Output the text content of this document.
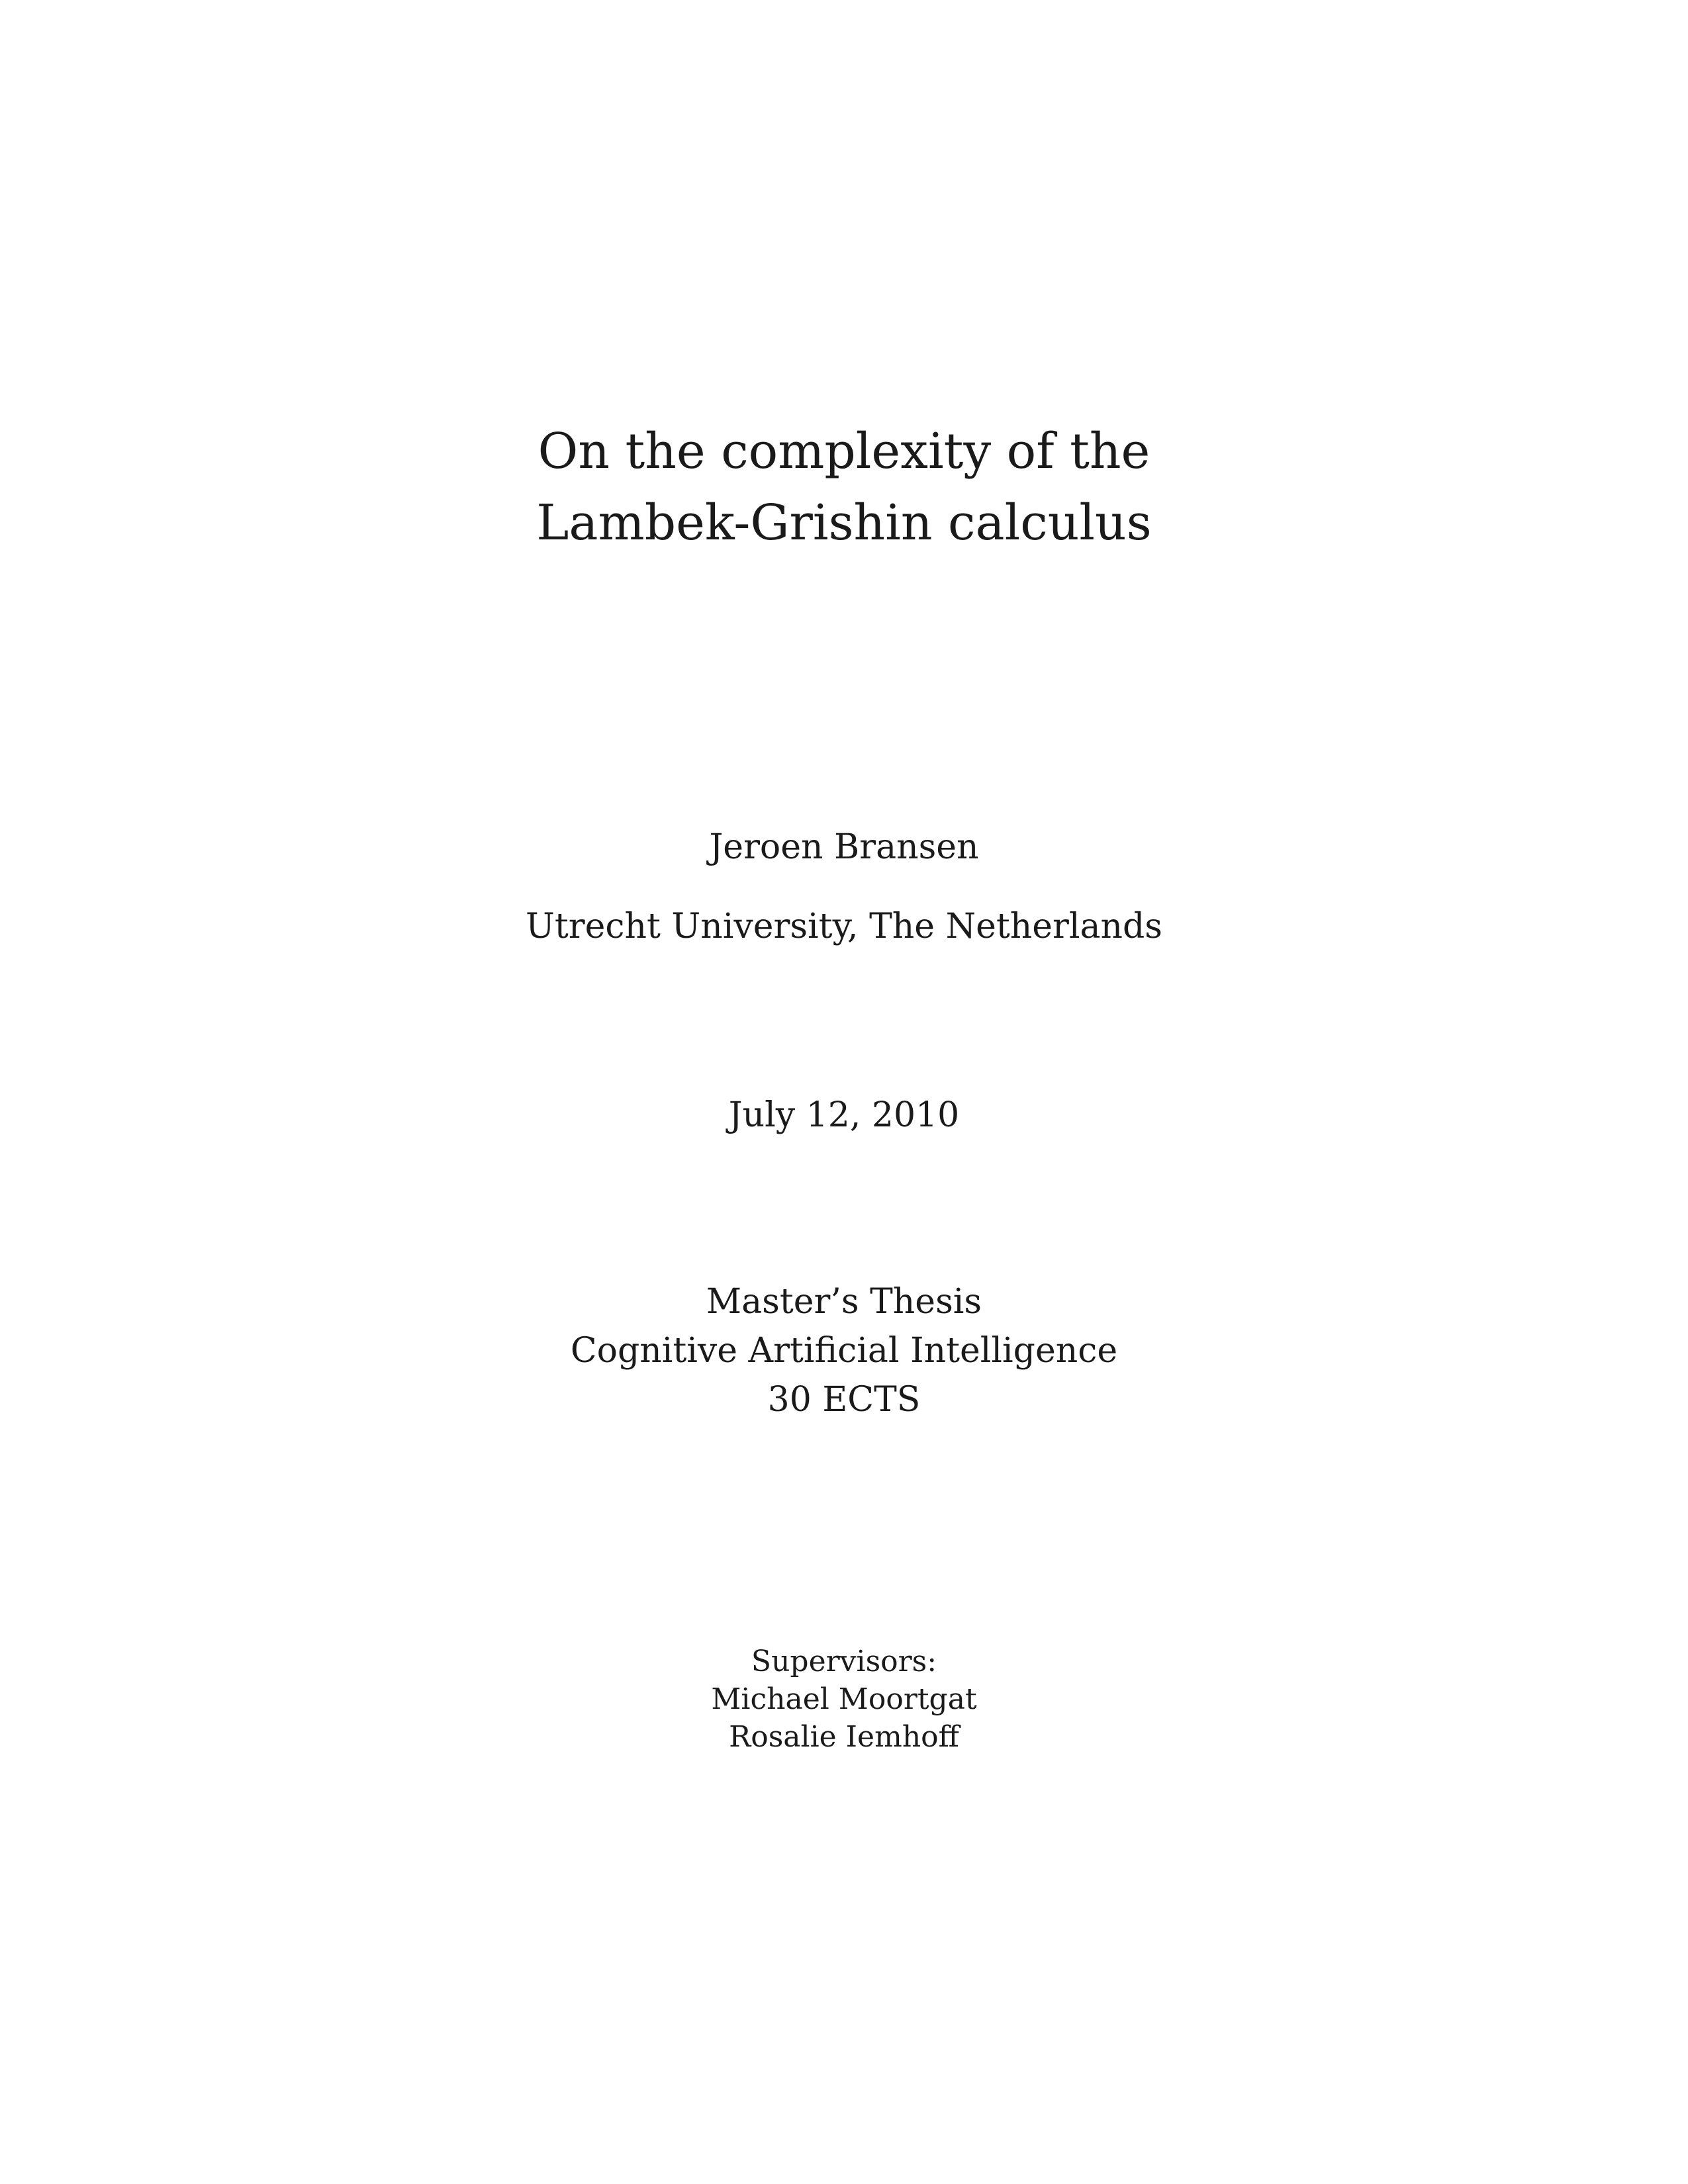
On the complexity of the
Lambek-Grishin calculus
Jeroen Bransen
Utrecht University, The Netherlands
July 12, 2010
Master’s Thesis
Cognitive Artificial Intelligence
30 ECTS
Supervisors:
Michael Moortgat
Rosalie Iemhoff
